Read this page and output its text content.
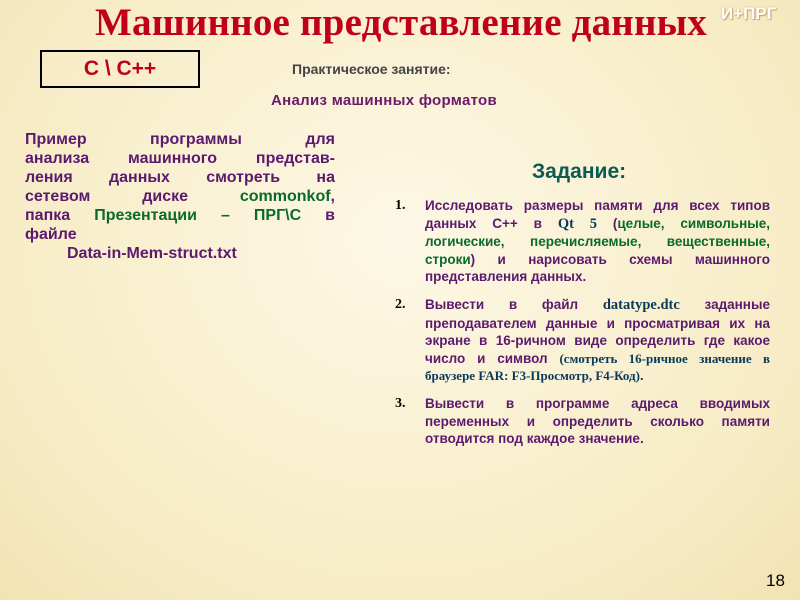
Машинное представление данных И+ПРГ
C \ C++	Практическое занятие:
Анализ машинных форматов
Пример программы для
анализа машинного представ-
ления данных смотреть на
сетевом диске commonkof,
папка Презентации – ПРГ\С в
файле
Data-in-Mem-struct.txt
Задание:
1.	Исследовать размеры памяти для всех типов данных С++ в Qt 5 (целые, символьные, логические, перечисляемые, вещественные, строки) и нарисовать схемы машинного представления данных.
2.	Вывести в файл datatype.dtc заданные преподавателем данные и просматривая их на экране в 16-ричном виде определить где какое число и символ (смотреть 16-ричное значение в браузере FAR: F3-Просмотр, F4-Код).
3.	Вывести в программе адреса вводимых переменных и определить сколько памяти отводится под каждое значение.
18
